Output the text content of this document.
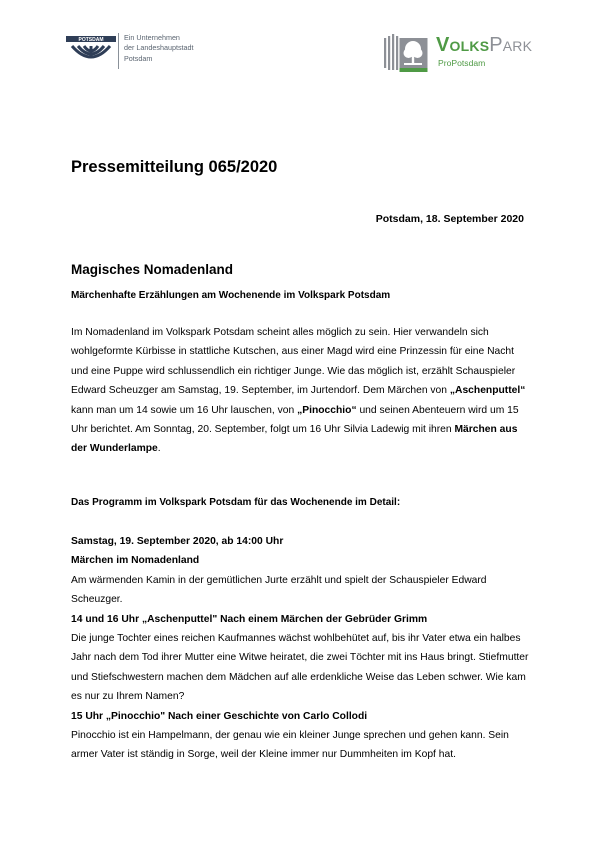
POTSDAM	Ein Unternehmen
der Landeshauptstadt
Potsdam
VolksPark
ProPotsdam
Pressemitteilung 065/2020
Potsdam, 18. September 2020
Magisches Nomadenland
Märchenhafte Erzählungen am Wochenende im Volkspark Potsdam
Im Nomadenland im Volkspark Potsdam scheint alles möglich zu sein. Hier verwandeln sich wohlgeformte Kürbisse in stattliche Kutschen, aus einer Magd wird eine Prinzessin für eine Nacht und eine Puppe wird schlussendlich ein richtiger Junge. Wie das möglich ist, erzählt Schauspieler Edward Scheuzger am Samstag, 19. September, im Jurtendorf. Dem Märchen von „Aschenputtel“ kann man um 14 sowie um 16 Uhr lauschen, von „Pinocchio“ und seinen Abenteuern wird um 15 Uhr berichtet. Am Sonntag, 20. September, folgt um 16 Uhr Silvia Ladewig mit ihren Märchen aus der Wunderlampe.
Das Programm im Volkspark Potsdam für das Wochenende im Detail:

Samstag, 19. September 2020, ab 14:00 Uhr

Märchen im Nomadenland

Am wärmenden Kamin in der gemütlichen Jurte erzählt und spielt der Schauspieler Edward Scheuzger.

14 und 16 Uhr „Aschenputtel" Nach einem Märchen der Gebrüder Grimm

Die junge Tochter eines reichen Kaufmannes wächst wohlbehütet auf, bis ihr Vater etwa ein halbes Jahr nach dem Tod ihrer Mutter eine Witwe heiratet, die zwei Töchter mit ins Haus bringt. Stiefmutter und Stiefschwestern machen dem Mädchen auf alle erdenkliche Weise das Leben schwer. Wie kam es nur zu Ihrem Namen?

15 Uhr „Pinocchio" Nach einer Geschichte von Carlo Collodi

Pinocchio ist ein Hampelmann, der genau wie ein kleiner Junge sprechen und gehen kann. Sein armer Vater ist ständig in Sorge, weil der Kleine immer nur Dummheiten im Kopf hat.
